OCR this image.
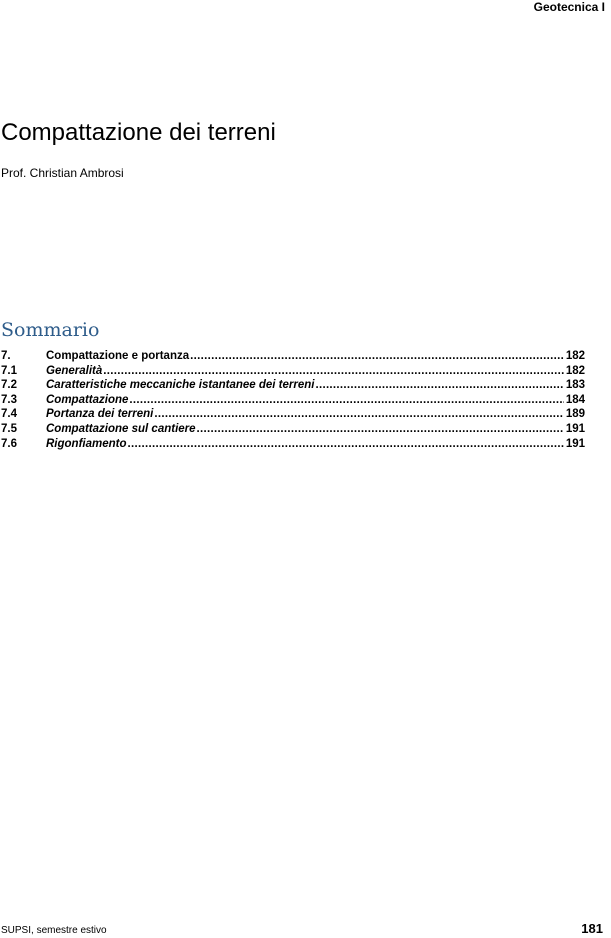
Geotecnica I
Compattazione dei terreni
Prof. Christian Ambrosi
Sommario
7.	Compattazione e portanza .....	182
7.1	Generalità .....	182
7.2	Caratteristiche meccaniche istantanee dei terreni .....	183
7.3	Compattazione .....	184
7.4	Portanza dei terreni .....	189
7.5	Compattazione sul cantiere .....	191
7.6	Rigonfiamento .....	191
SUPSI, semestre estivo	181
